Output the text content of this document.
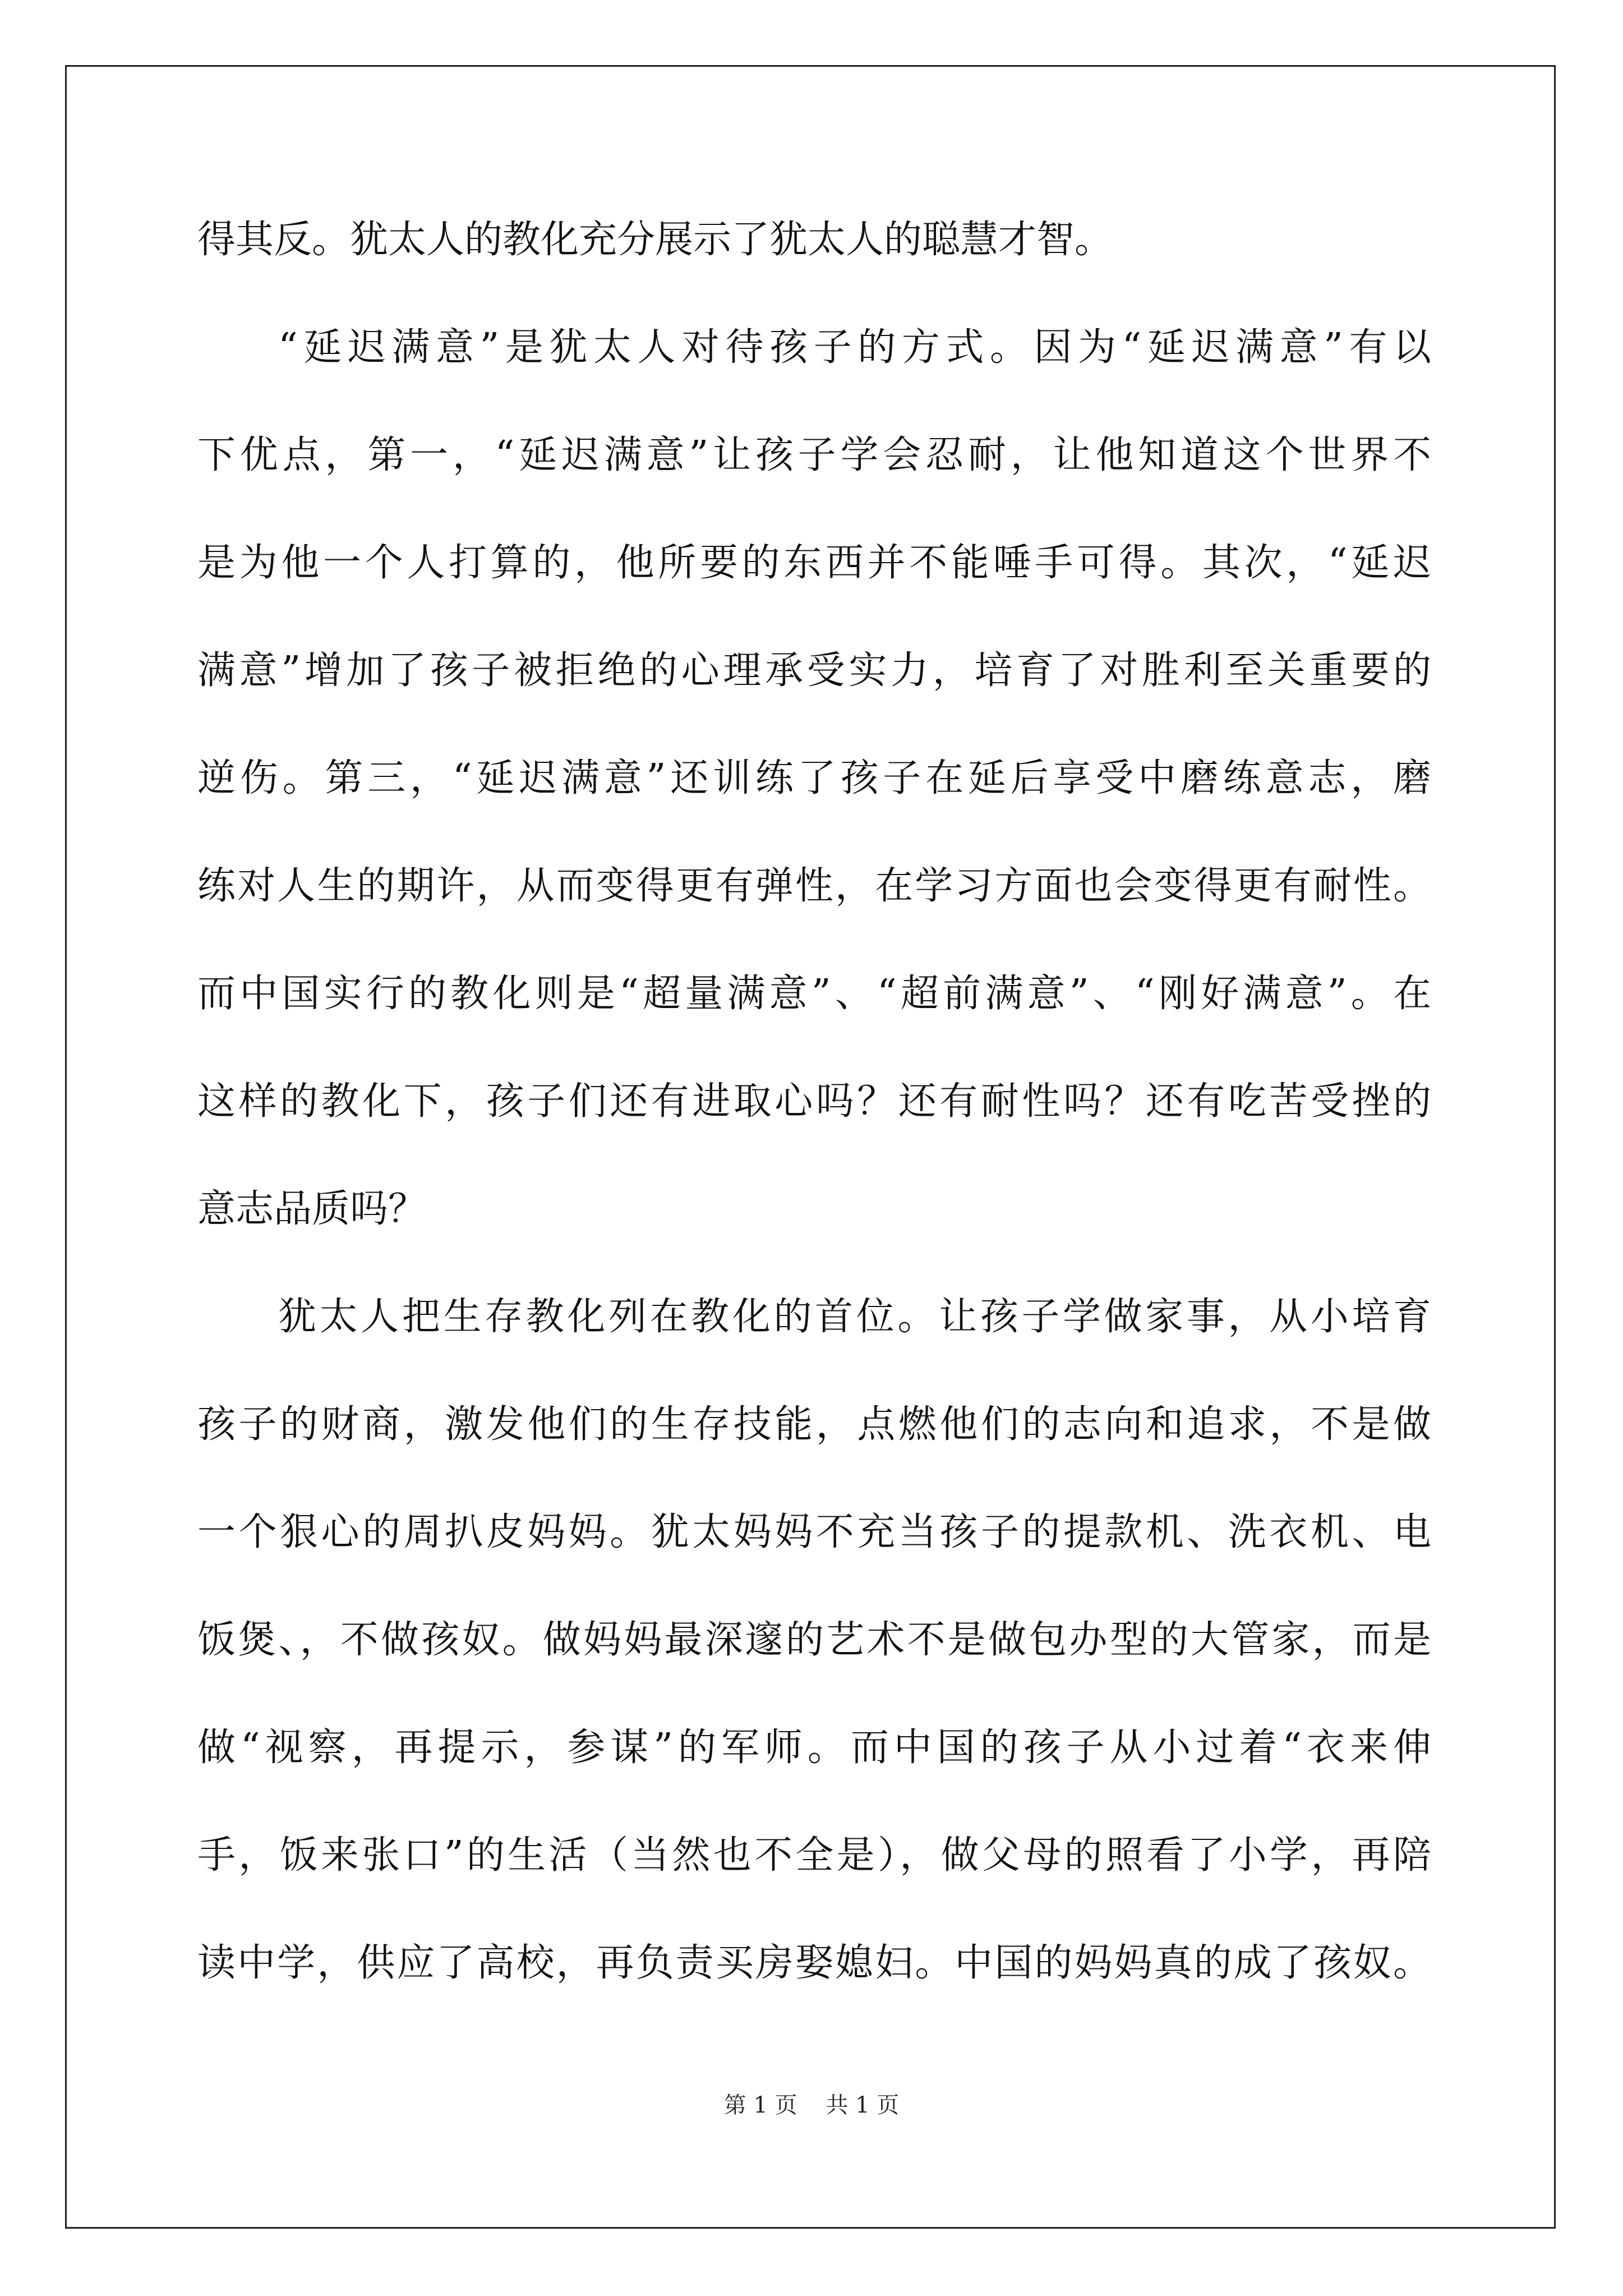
得其反。犹太人的教化充分展示了犹太人的聪慧才智。
“延迟满意”是犹太人对待孩子的方式。因为“延迟满意”有以
下优点，第一，“延迟满意”让孩子学会忍耐，让他知道这个世界不
是为他一个人打算的，他所要的东西并不能唾手可得。其次，“延迟
满意”增加了孩子被拒绝的心理承受实力，培育了对胜利至关重要的
逆伤。第三，“延迟满意”还训练了孩子在延后享受中磨练意志，磨
练对人生的期许，从而变得更有弹性，在学习方面也会变得更有耐性。
而中国实行的教化则是“超量满意”、“超前满意”、“刚好满意”。在
这样的教化下，孩子们还有进取心吗？还有耐性吗？还有吃苦受挫的
意志品质吗？
犹太人把生存教化列在教化的首位。让孩子学做家事，从小培育
孩子的财商，激发他们的生存技能，点燃他们的志向和追求，不是做
一个狠心的周扒皮妈妈。犹太妈妈不充当孩子的提款机、洗衣机、电
饭煲、，不做孩奴。做妈妈最深邃的艺术不是做包办型的大管家，而是
做“视察，再提示，参谋”的军师。而中国的孩子从小过着“衣来伸
手，饭来张口”的生活（当然也不全是），做父母的照看了小学，再陪
读中学，供应了高校，再负责买房娶媳妇。中国的妈妈真的成了孩奴。
第 1 页    共 1 页
